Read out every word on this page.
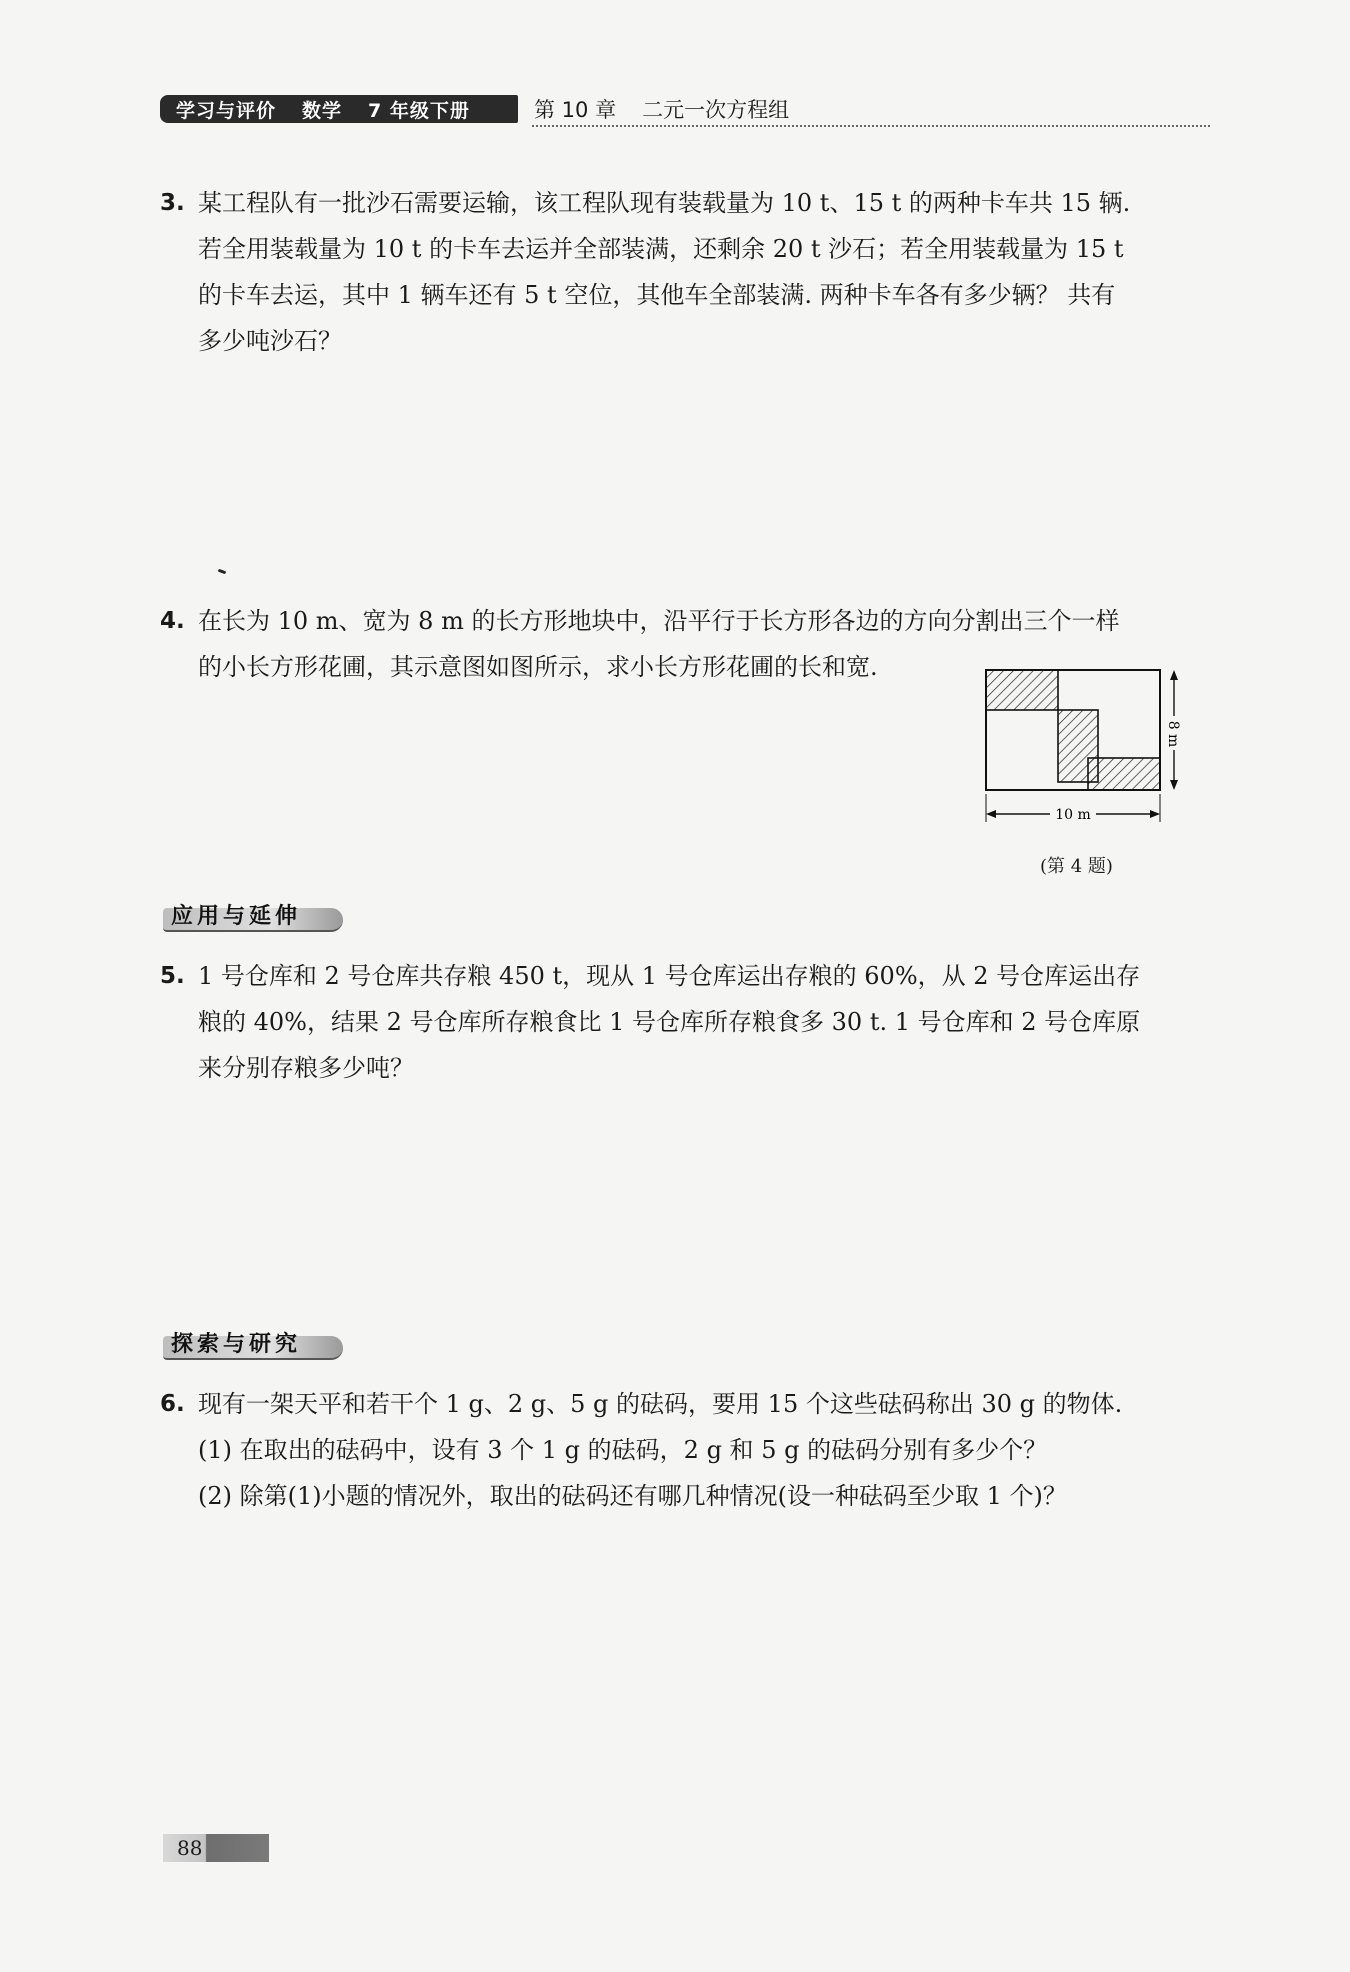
学习与评价 数学 7 年级下册	第 10 章 二元一次方程组
3. 某工程队有一批沙石需要运输，该工程队现有装载量为 10 t、15 t 的两种卡车共 15 辆.
若全用装载量为 10 t 的卡车去运并全部装满，还剩余 20 t 沙石；若全用装载量为 15 t
的卡车去运，其中 1 辆车还有 5 t 空位，其他车全部装满. 两种卡车各有多少辆？ 共有
多少吨沙石？
4. 在长为 10 m、宽为 8 m 的长方形地块中，沿平行于长方形各边的方向分割出三个一样
的小长方形花圃，其示意图如图所示，求小长方形花圃的长和宽.
8 m
10 m
(第 4 题)
应用与延伸
5. 1 号仓库和 2 号仓库共存粮 450 t，现从 1 号仓库运出存粮的 60%，从 2 号仓库运出存
粮的 40%，结果 2 号仓库所存粮食比 1 号仓库所存粮食多 30 t. 1 号仓库和 2 号仓库原
来分别存粮多少吨？
探索与研究
6. 现有一架天平和若干个 1 g、2 g、5 g 的砝码，要用 15 个这些砝码称出 30 g 的物体.
(1) 在取出的砝码中，设有 3 个 1 g 的砝码，2 g 和 5 g 的砝码分别有多少个？
(2) 除第(1)小题的情况外，取出的砝码还有哪几种情况(设一种砝码至少取 1 个)？
88
